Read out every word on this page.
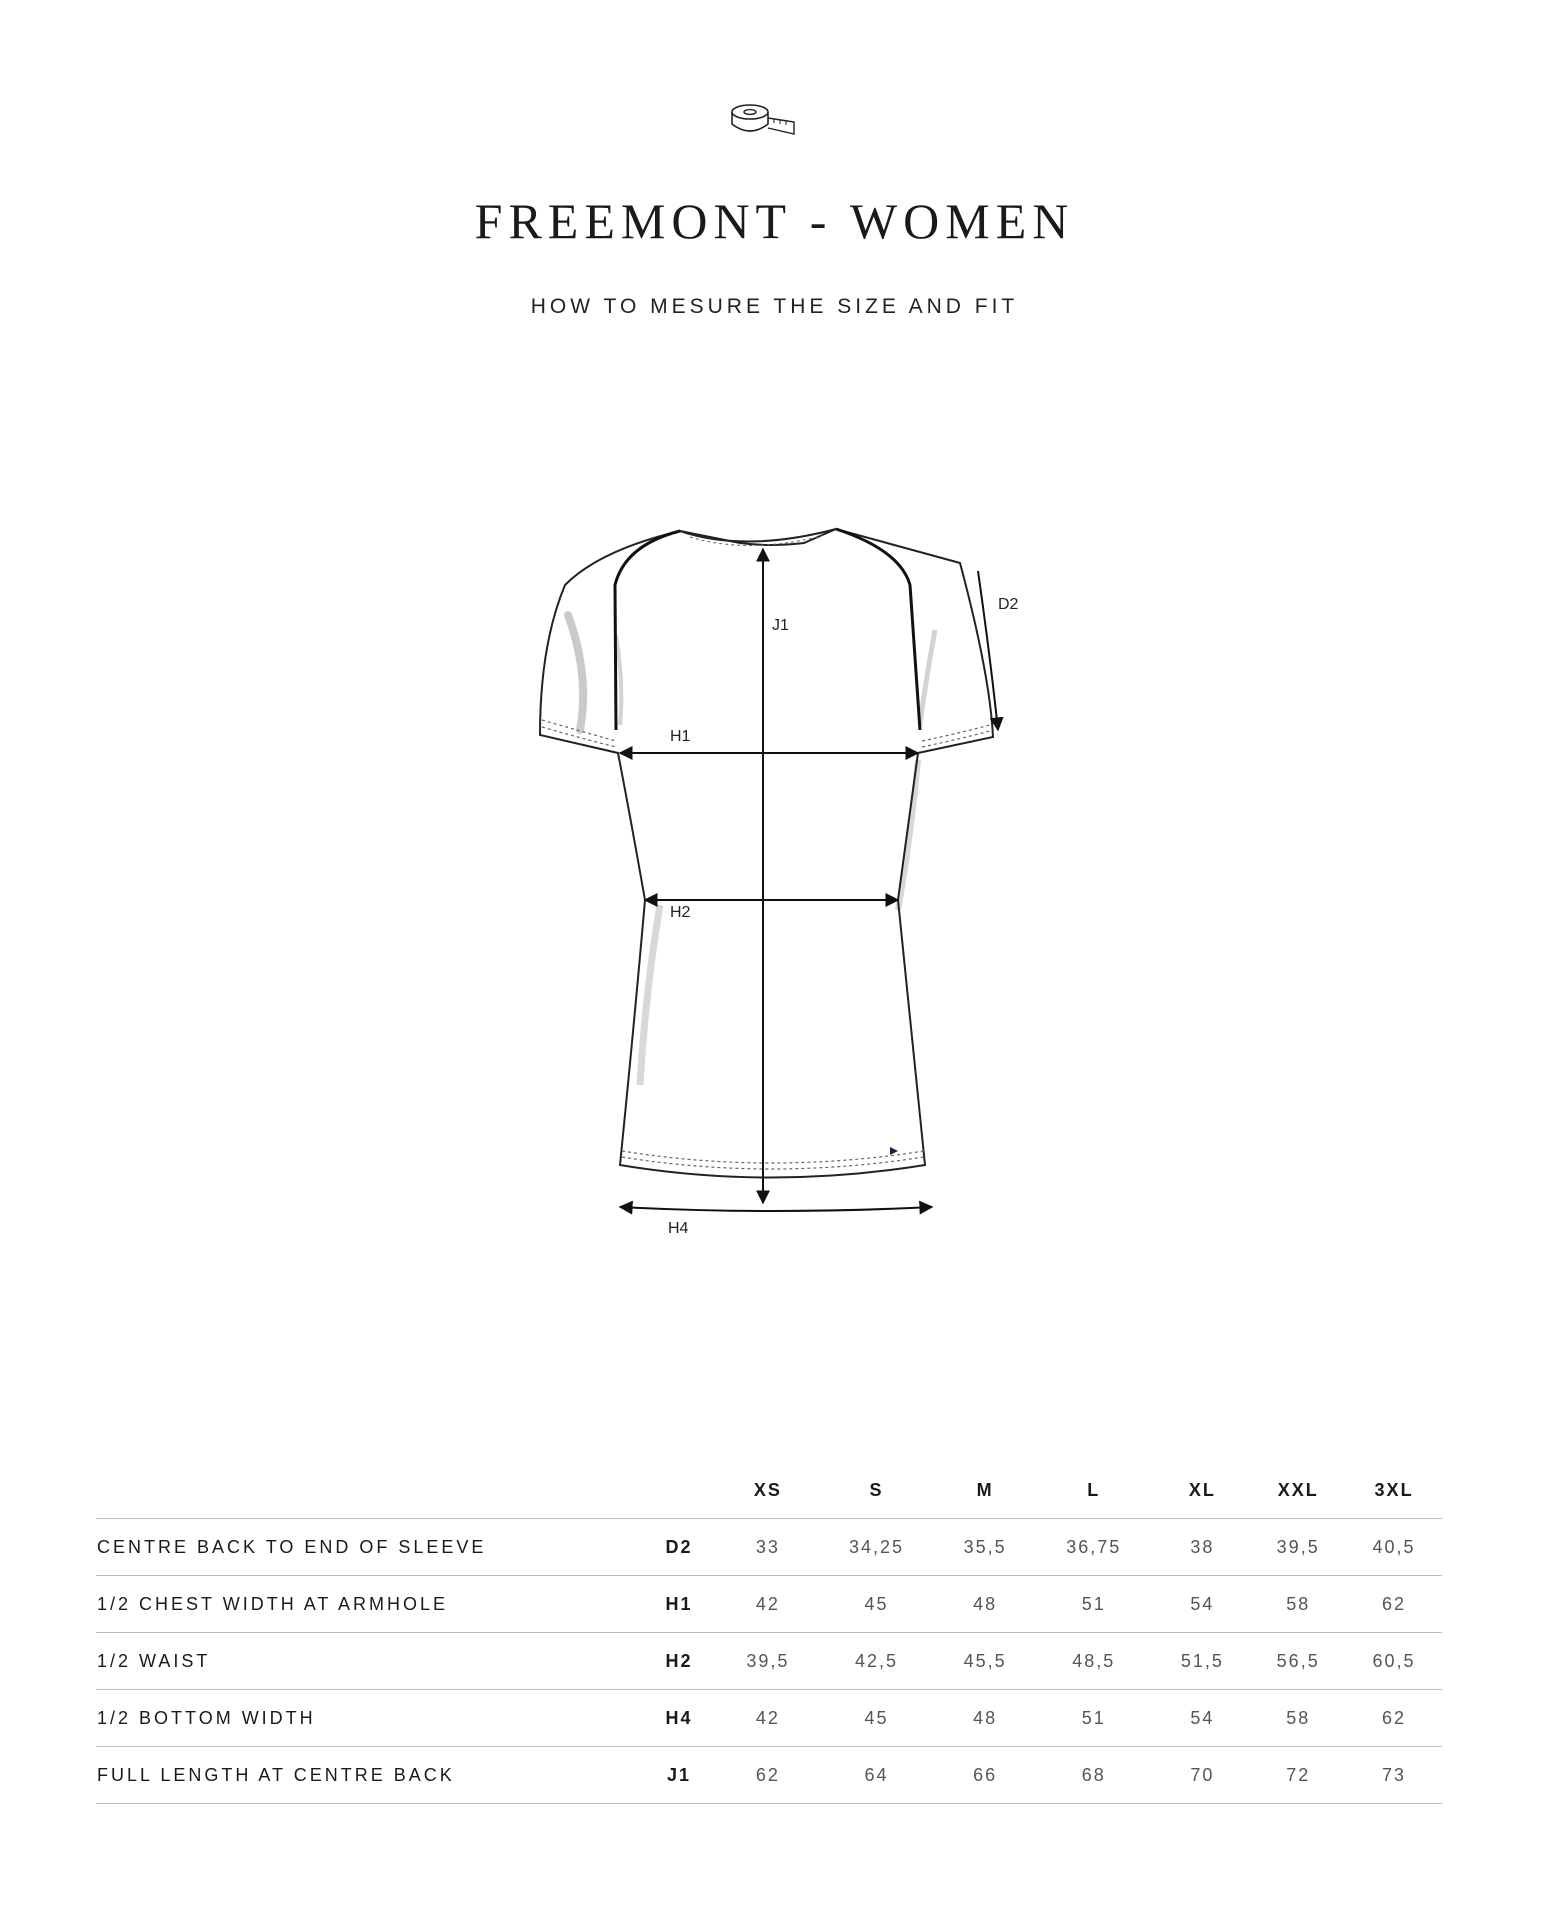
FREEMONT - WOMEN

HOW TO MESURE THE SIZE AND FIT

J1
H1
H2
H4
D2
		XS	S	M	L	XL	XXL	3XL
CENTRE BACK TO END OF SLEEVE	D2	33	34,25	35,5	36,75	38	39,5	40,5
1/2 CHEST WIDTH AT ARMHOLE	H1	42	45	48	51	54	58	62
1/2 WAIST	H2	39,5	42,5	45,5	48,5	51,5	56,5	60,5
1/2 BOTTOM WIDTH	H4	42	45	48	51	54	58	62
FULL LENGTH AT CENTRE BACK	J1	62	64	66	68	70	72	73
